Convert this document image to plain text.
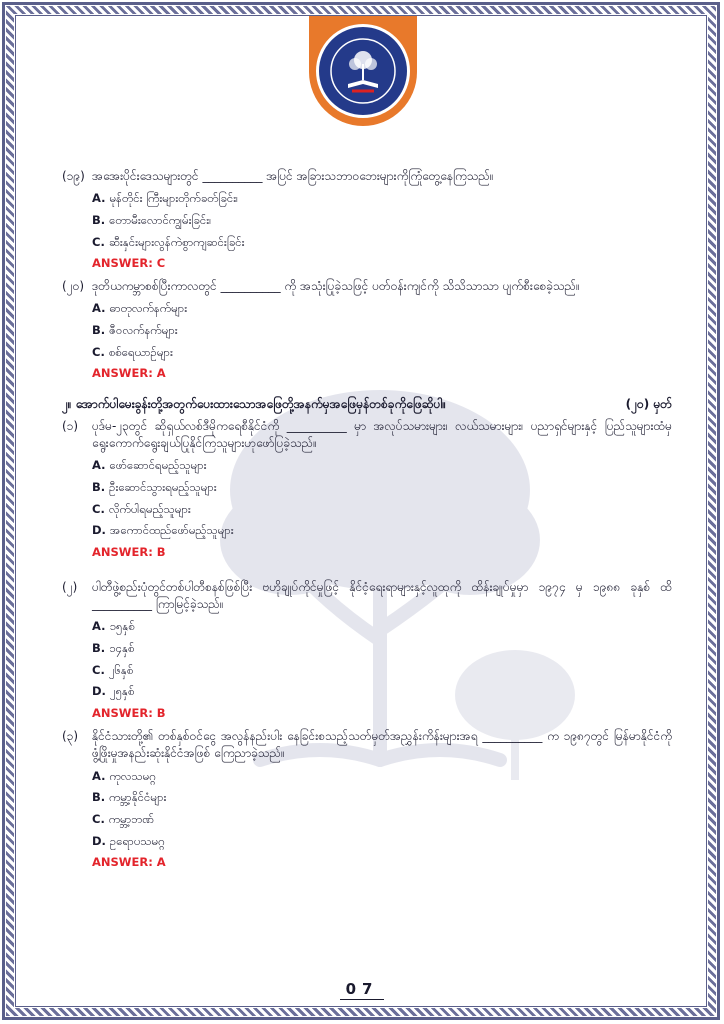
(၁၉) အအေးပိုင်းဒေသများတွင် __________ အပြင် အခြားသဘာဝဘေးများကိုကြုံတွေ့နေကြသည်။
A. မုန်တိုင်း ကြီးများတိုက်ခတ်ခြင်း၊
B. တောမီးလောင်ကျွမ်းခြင်း၊
C. ဆီးနှင်းများလွန်ကဲစွာကျဆင်းခြင်း
ANSWER: C
(၂၀) ဒုတိယကမ္ဘာစစ်ပြီးကာလတွင် __________ ကို အသုံးပြုခဲ့သဖြင့် ပတ်ဝန်းကျင်ကို သိသိသာသာ ပျက်စီးစေခဲ့သည်။
A. ဓာတုလက်နက်များ
B. ဇီဝလက်နက်များ
C. စစ်ရေယာဉ်များ
ANSWER: A
၂။ အောက်ပါမေးခွန်းတို့အတွက်ပေးထားသောအဖြေတို့အနက်မှအဖြေမှန်တစ်ခုကိုဖြေဆိုပါ။	(၂၀) မှတ်
(၁)	ပုဒ်မ-၂၃တွင် ဆိုရှယ်လစ်ဒီမိုကရေစီနိုင်ငံကို __________ မှာ အလုပ်သမားများ၊ လယ်သမားများ၊ ပညာရှင်များနှင့် ပြည်သူများထံမှ ရွေးကောက်ရွေးချယ်ပြုနိုင်ကြသူများဟုဖော်ပြခဲ့သည်။
A. ဖော်ဆောင်ရမည့်သူများ
B. ဦးဆောင်သွားရမည့်သူများ
C. လိုက်ပါရမည့်သူများ
D. အကောင်ထည်ဖော်မည့်သူများ
ANSWER: B
(၂)	ပါတီဖွဲ့စည်းပုံတွင်တစ်ပါတီစနစ်ဖြစ်ပြီး ဗဟိုချုပ်ကိုင်မှုဖြင့် နိုင်ငံ့ရေးရာများနှင့်လူထုကို ထိန်းချုပ်မှုမှာ ၁၉၇၄ မှ ၁၉၈၈ ခုနှစ် ထိ __________ ကြာမြင့်ခဲ့သည်။
A. ၁၅နှစ်
B. ၁၄နှစ်
C. ၂၆နှစ်
D. ၂၅နှစ်
ANSWER: B
(၃)	နိုင်ငံသားတို့၏ တစ်နှစ်ဝင်ငွေ အလွန်နည်းပါး နေခြင်းစသည့်သတ်မှတ်အညွှန်းကိန်းများအရ __________ က ၁၉၈၇တွင် မြန်မာနိုင်ငံကို ဖွံ့ဖြိုးမှုအနည်းဆုံးနိုင်ငံအဖြစ် ကြေညာခဲ့သည်။
A. ကုလသမဂ္ဂ
B. ကမ္ဘာ့နိုင်ငံများ
C. ကမ္ဘာ့ဘဏ်
D. ဥရောပသမဂ္ဂ
ANSWER: A
07
